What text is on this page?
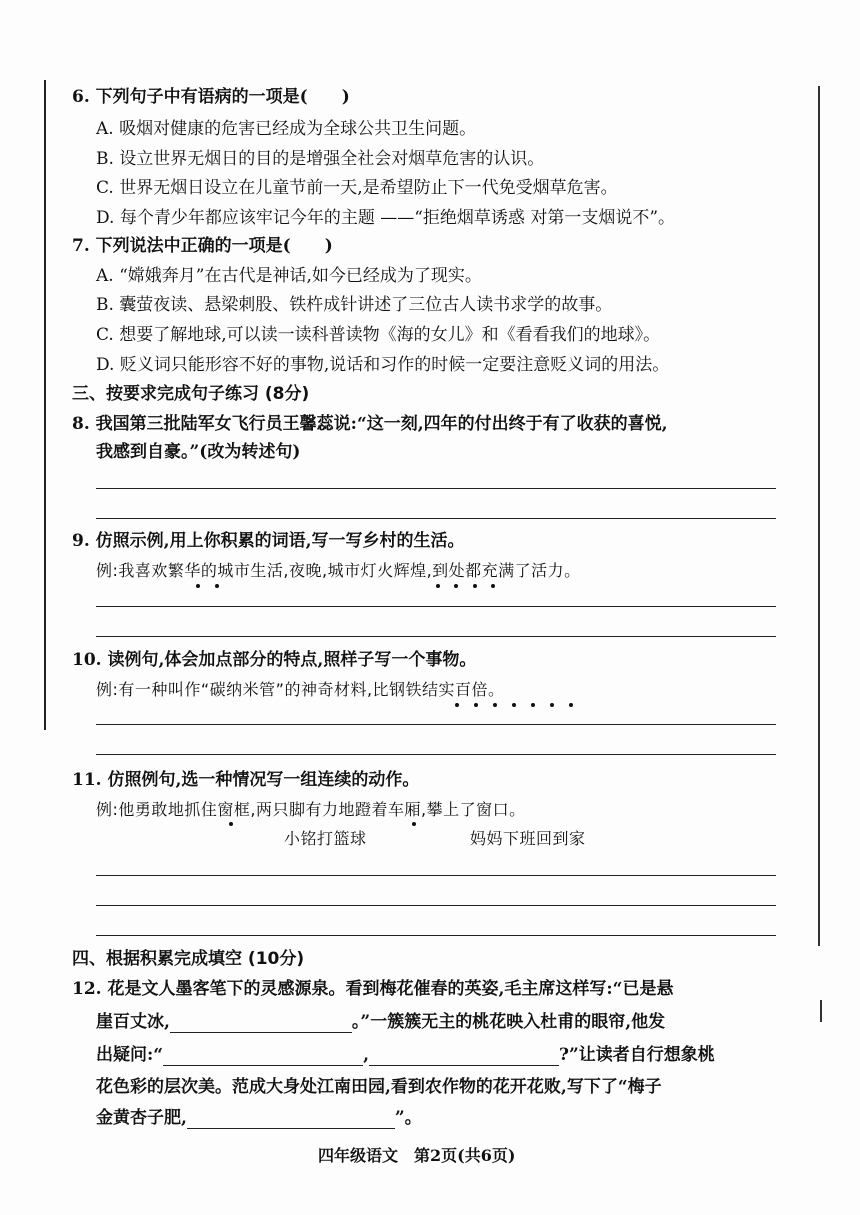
6. 下列句子中有语病的一项是(　　)
A. 吸烟对健康的危害已经成为全球公共卫生问题。
B. 设立世界无烟日的目的是增强全社会对烟草危害的认识。
C. 世界无烟日设立在儿童节前一天,是希望防止下一代免受烟草危害。
D. 每个青少年都应该牢记今年的主题 ——“拒绝烟草诱惑 对第一支烟说不”。
7. 下列说法中正确的一项是(　　)
A. “嫦娥奔月”在古代是神话,如今已经成为了现实。
B. 囊萤夜读、悬梁刺股、铁杵成针讲述了三位古人读书求学的故事。
C. 想要了解地球,可以读一读科普读物《海的女儿》和《看看我们的地球》。
D. 贬义词只能形容不好的事物,说话和习作的时候一定要注意贬义词的用法。
三、按要求完成句子练习 (8分)
8. 我国第三批陆军女飞行员王馨蕊说:“这一刻,四年的付出终于有了收获的喜悦,
我感到自豪。”(改为转述句)
9. 仿照示例,用上你积累的词语,写一写乡村的生活。
例:我喜欢繁华的城市生活,夜晚,城市灯火辉煌,到处都充满了活力。
10. 读例句,体会加点部分的特点,照样子写一个事物。
例:有一种叫作“碳纳米管”的神奇材料,比钢铁结实百倍。
11. 仿照例句,选一种情况写一组连续的动作。
例:他勇敢地抓住窗框,两只脚有力地蹬着车厢,攀上了窗口。
小铭打篮球	妈妈下班回到家
四、根据积累完成填空 (10分)
12. 花是文人墨客笔下的灵感源泉。看到梅花催春的英姿,毛主席这样写:“已是悬
崖百丈冰,	。”一簇簇无主的桃花映入杜甫的眼帘,他发
出疑问:“	,	?”让读者自行想象桃
花色彩的层次美。范成大身处江南田园,看到农作物的花开花败,写下了“梅子
金黄杏子肥,	”。
四年级语文　第2页(共6页)
